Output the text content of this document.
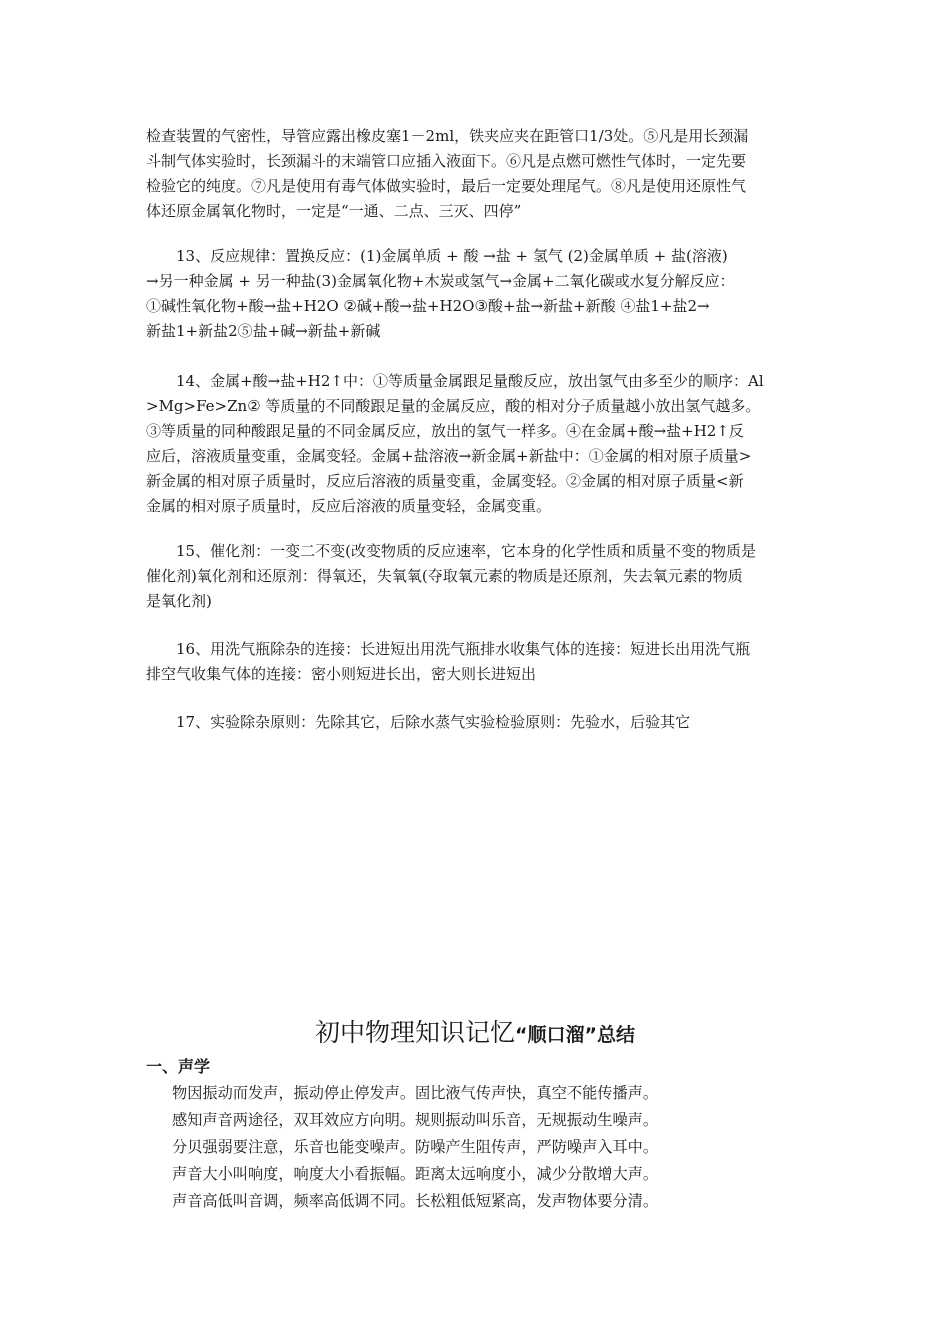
检查装置的气密性，导管应露出橡皮塞1－2ml，铁夹应夹在距管口1/3处。⑤凡是用长颈漏
斗制气体实验时，长颈漏斗的末端管口应插入液面下。⑥凡是点燃可燃性气体时，一定先要
检验它的纯度。⑦凡是使用有毒气体做实验时，最后一定要处理尾气。⑧凡是使用还原性气
体还原金属氧化物时，一定是“一通、二点、三灭、四停”
　　13、反应规律：置换反应：(1)金属单质 + 酸 →盐 + 氢气 (2)金属单质 + 盐(溶液)
→另一种金属 + 另一种盐(3)金属氧化物+木炭或氢气→金属+二氧化碳或水复分解反应：
①碱性氧化物+酸→盐+H2O ②碱+酸→盐+H2O③酸+盐→新盐+新酸 ④盐1+盐2→
新盐1+新盐2⑤盐+碱→新盐+新碱
　　14、金属+酸→盐+H2↑中：①等质量金属跟足量酸反应，放出氢气由多至少的顺序：Al
>Mg>Fe>Zn② 等质量的不同酸跟足量的金属反应，酸的相对分子质量越小放出氢气越多。
③等质量的同种酸跟足量的不同金属反应，放出的氢气一样多。④在金属+酸→盐+H2↑反
应后，溶液质量变重，金属变轻。金属+盐溶液→新金属+新盐中：①金属的相对原子质量>
新金属的相对原子质量时，反应后溶液的质量变重，金属变轻。②金属的相对原子质量<新
金属的相对原子质量时，反应后溶液的质量变轻，金属变重。
　　15、催化剂：一变二不变(改变物质的反应速率，它本身的化学性质和质量不变的物质是
催化剂)氧化剂和还原剂：得氧还，失氧氧(夺取氧元素的物质是还原剂，失去氧元素的物质
是氧化剂)
　　16、用洗气瓶除杂的连接：长进短出用洗气瓶排水收集气体的连接：短进长出用洗气瓶
排空气收集气体的连接：密小则短进长出，密大则长进短出
　　17、实验除杂原则：先除其它，后除水蒸气实验检验原则：先验水，后验其它
初中物理知识记忆“顺口溜”总结
一、声学
物因振动而发声，振动停止停发声。固比液气传声快，真空不能传播声。
感知声音两途径，双耳效应方向明。规则振动叫乐音，无规振动生噪声。
分贝强弱要注意，乐音也能变噪声。防噪产生阻传声，严防噪声入耳中。
声音大小叫响度，响度大小看振幅。距离太远响度小，减少分散增大声。
声音高低叫音调，频率高低调不同。长松粗低短紧高，发声物体要分清。
